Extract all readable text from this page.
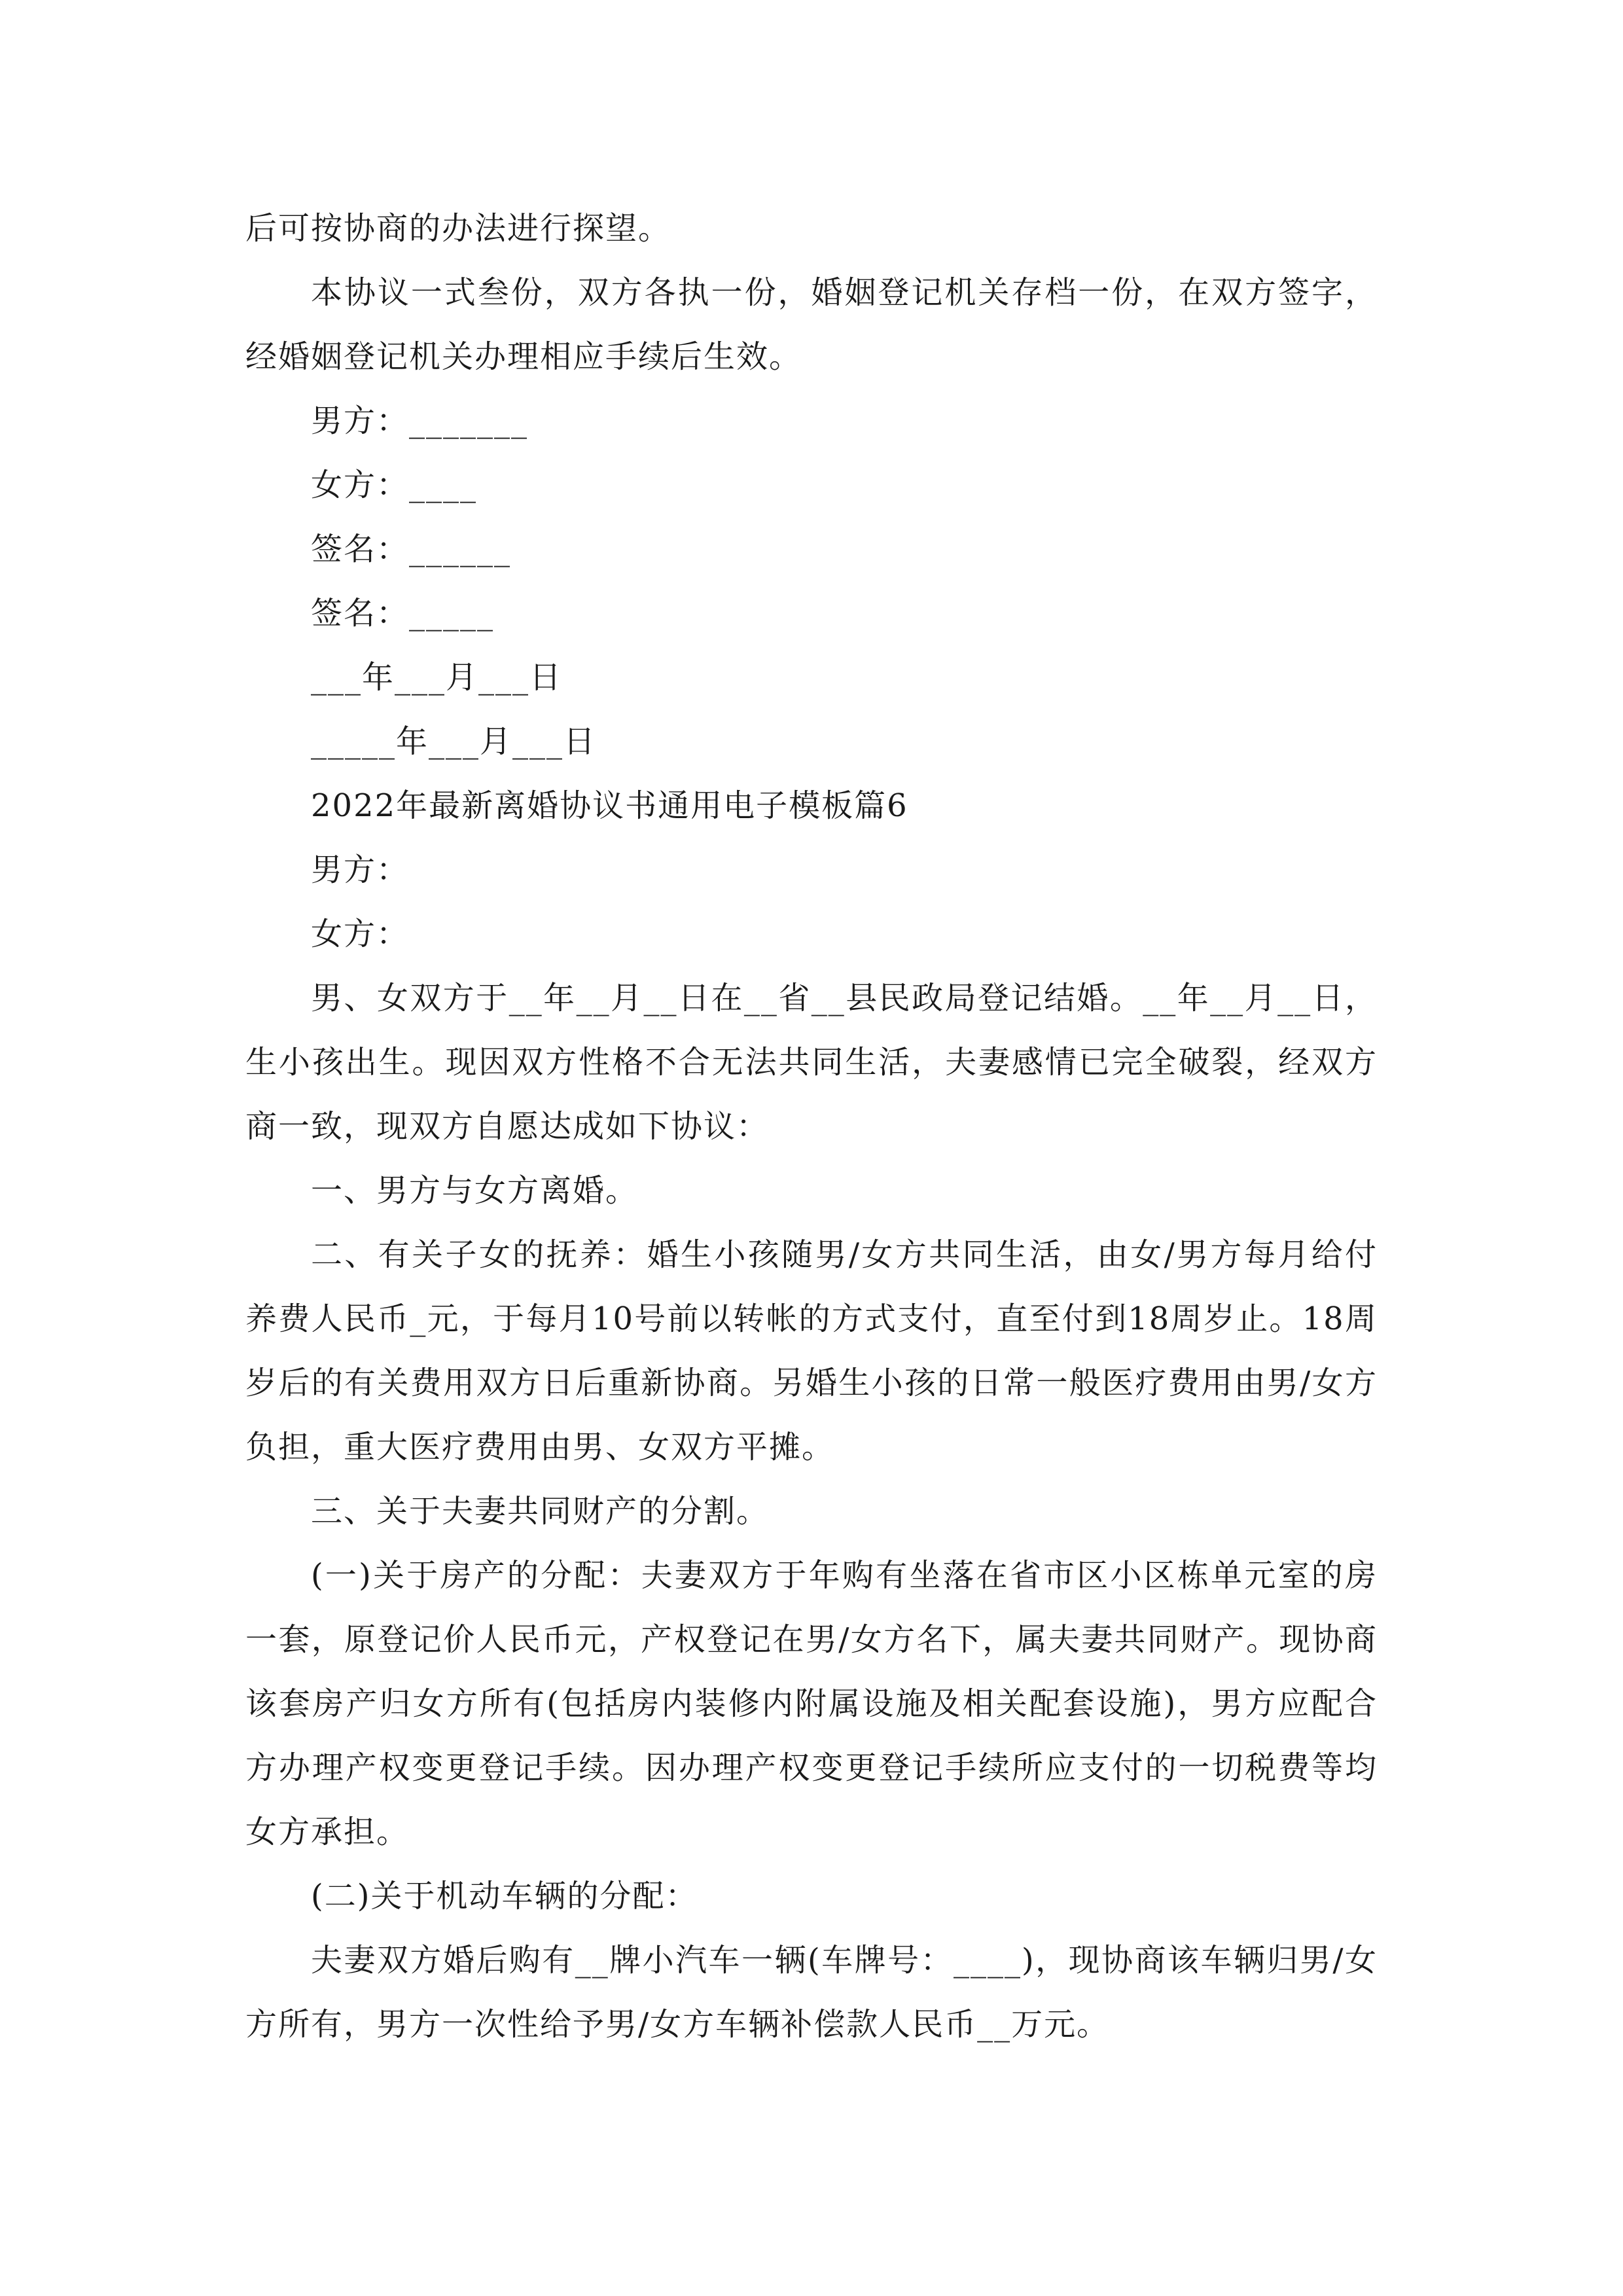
后可按协商的办法进行探望。
本协议一式叁份，双方各执一份，婚姻登记机关存档一份，在双方签字，
经婚姻登记机关办理相应手续后生效。
男方：_______
女方：____
签名：______
签名：_____
___年___月___日
_____年___月___日
2022年最新离婚协议书通用电子模板篇6
男方：
女方：
男、女双方于__年__月__日在__省__县民政局登记结婚。__年__月__日，
生小孩出生。现因双方性格不合无法共同生活，夫妻感情已完全破裂，经双方
商一致，现双方自愿达成如下协议：
一、男方与女方离婚。
二、有关子女的抚养：婚生小孩随男/女方共同生活，由女/男方每月给付
养费人民币_元，于每月10号前以转帐的方式支付，直至付到18周岁止。18周
岁后的有关费用双方日后重新协商。另婚生小孩的日常一般医疗费用由男/女方
负担，重大医疗费用由男、女双方平摊。
三、关于夫妻共同财产的分割。
(一)关于房产的分配：夫妻双方于年购有坐落在省市区小区栋单元室的房
一套，原登记价人民币元，产权登记在男/女方名下，属夫妻共同财产。现协商
该套房产归女方所有(包括房内装修内附属设施及相关配套设施)，男方应配合
方办理产权变更登记手续。因办理产权变更登记手续所应支付的一切税费等均
女方承担。
(二)关于机动车辆的分配：
夫妻双方婚后购有__牌小汽车一辆(车牌号：____)，现协商该车辆归男/女
方所有，男方一次性给予男/女方车辆补偿款人民币__万元。
